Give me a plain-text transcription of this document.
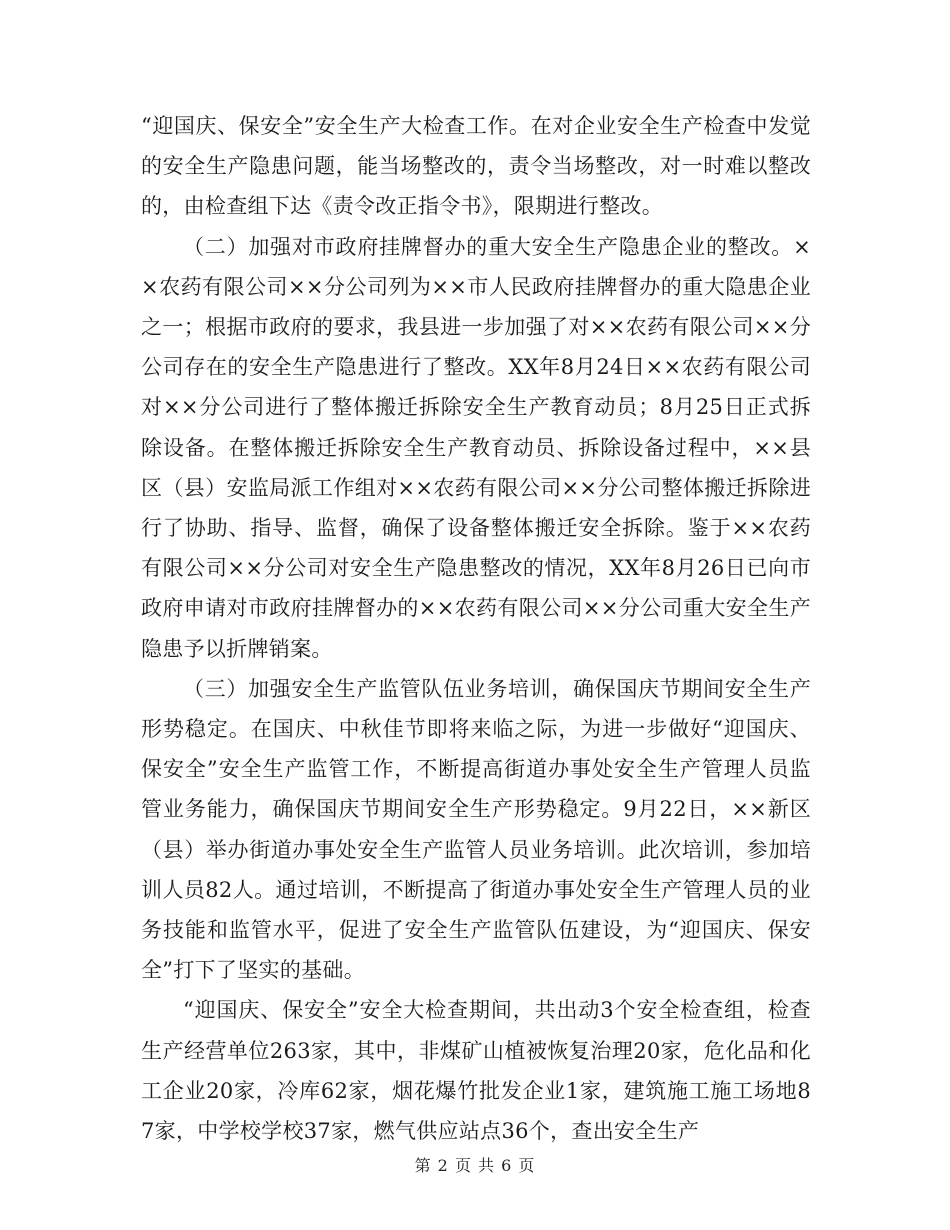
“迎国庆、保安全”安全生产大检查工作。在对企业安全生产检查中发觉的安全生产隐患问题，能当场整改的，责令当场整改，对一时难以整改的，由检查组下达《责令改正指令书》，限期进行整改。

（二）加强对市政府挂牌督办的重大安全生产隐患企业的整改。××农药有限公司××分公司列为××市人民政府挂牌督办的重大隐患企业之一；根据市政府的要求，我县进一步加强了对××农药有限公司××分公司存在的安全生产隐患进行了整改。XX年8月24日××农药有限公司对××分公司进行了整体搬迁拆除安全生产教育动员；8月25日正式拆除设备。在整体搬迁拆除安全生产教育动员、拆除设备过程中，××县区（县）安监局派工作组对××农药有限公司××分公司整体搬迁拆除进行了协助、指导、监督，确保了设备整体搬迁安全拆除。鉴于××农药有限公司××分公司对安全生产隐患整改的情况，XX年8月26日已向市政府申请对市政府挂牌督办的××农药有限公司××分公司重大安全生产隐患予以折牌销案。

（三）加强安全生产监管队伍业务培训，确保国庆节期间安全生产形势稳定。在国庆、中秋佳节即将来临之际，为进一步做好“迎国庆、保安全”安全生产监管工作，不断提高街道办事处安全生产管理人员监管业务能力，确保国庆节期间安全生产形势稳定。9月22日，××新区（县）举办街道办事处安全生产监管人员业务培训。此次培训，参加培训人员82人。通过培训，不断提高了街道办事处安全生产管理人员的业务技能和监管水平，促进了安全生产监管队伍建设，为“迎国庆、保安全”打下了坚实的基础。

“迎国庆、保安全”安全大检查期间，共出动3个安全检查组，检查生产经营单位263家，其中，非煤矿山植被恢复治理20家，危化品和化工企业20家，冷库62家，烟花爆竹批发企业1家，建筑施工施工场地87家，中学校学校37家，燃气供应站点36个，查出安全生产

第 2 页 共 6 页
